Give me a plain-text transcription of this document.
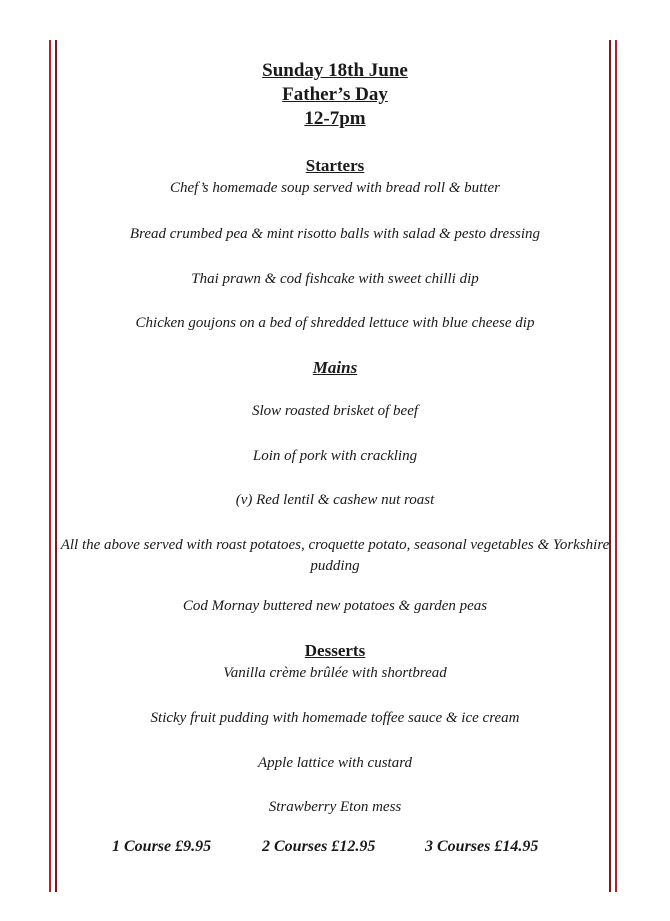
Sunday 18th June
Father’s Day
12-7pm
Starters
Chef’s homemade soup served with bread roll & butter
Bread crumbed pea & mint risotto balls with salad & pesto dressing
Thai prawn & cod fishcake with sweet chilli dip
Chicken goujons on a bed of shredded lettuce with blue cheese dip
Mains
Slow roasted brisket of beef
Loin of pork with crackling
(v) Red lentil & cashew nut roast
All the above served with roast potatoes, croquette potato, seasonal vegetables & Yorkshire pudding
Cod Mornay buttered new potatoes & garden peas
Desserts
Vanilla crème brûlée with shortbread
Sticky fruit pudding with homemade toffee sauce & ice cream
Apple lattice with custard
Strawberry Eton mess
1 Course £9.95	2 Courses £12.95	3 Courses £14.95
